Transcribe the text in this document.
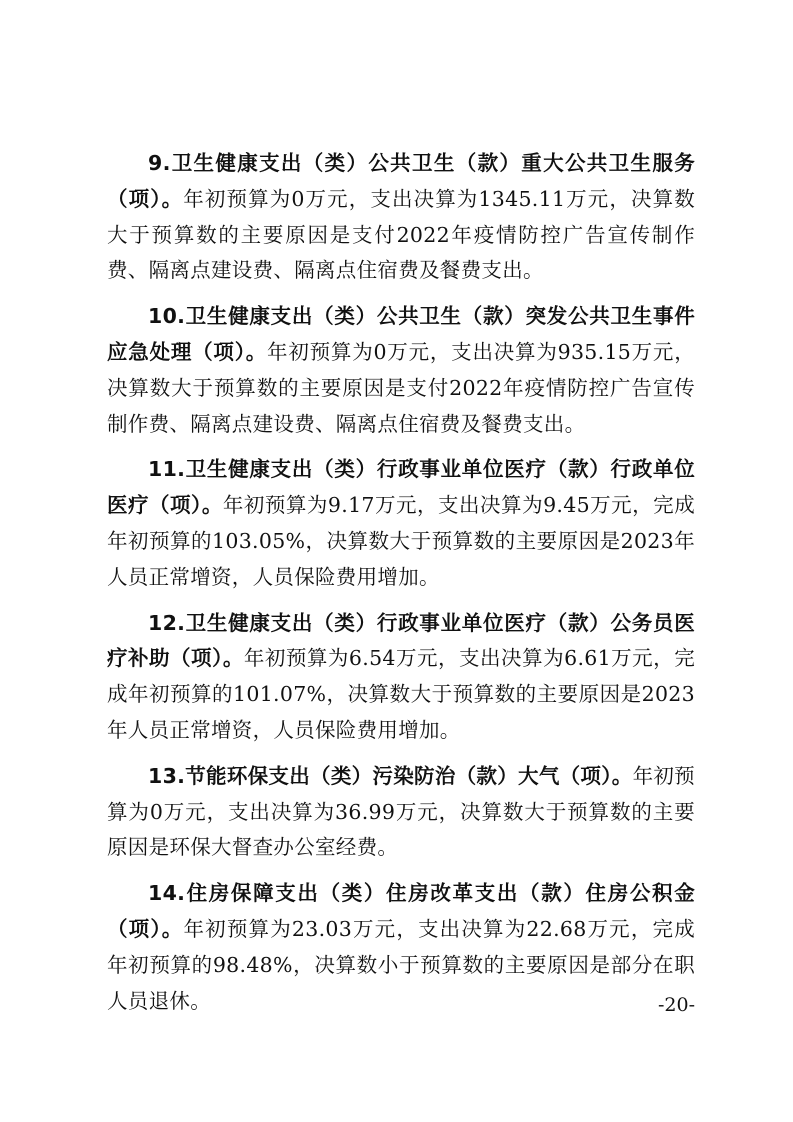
9.卫生健康支出（类）公共卫生（款）重大公共卫生服务（项）。年初预算为0万元，支出决算为1345.11万元，决算数大于预算数的主要原因是支付2022年疫情防控广告宣传制作费、隔离点建设费、隔离点住宿费及餐费支出。

10.卫生健康支出（类）公共卫生（款）突发公共卫生事件应急处理（项）。年初预算为0万元，支出决算为935.15万元，决算数大于预算数的主要原因是支付2022年疫情防控广告宣传制作费、隔离点建设费、隔离点住宿费及餐费支出。

11.卫生健康支出（类）行政事业单位医疗（款）行政单位医疗（项）。年初预算为9.17万元，支出决算为9.45万元，完成年初预算的103.05%，决算数大于预算数的主要原因是2023年人员正常增资，人员保险费用增加。

12.卫生健康支出（类）行政事业单位医疗（款）公务员医疗补助（项）。年初预算为6.54万元，支出决算为6.61万元，完成年初预算的101.07%，决算数大于预算数的主要原因是2023年人员正常增资，人员保险费用增加。

13.节能环保支出（类）污染防治（款）大气（项）。年初预算为0万元，支出决算为36.99万元，决算数大于预算数的主要原因是环保大督查办公室经费。

14.住房保障支出（类）住房改革支出（款）住房公积金（项）。年初预算为23.03万元，支出决算为22.68万元，完成年初预算的98.48%，决算数小于预算数的主要原因是部分在职人员退休。	-20-
